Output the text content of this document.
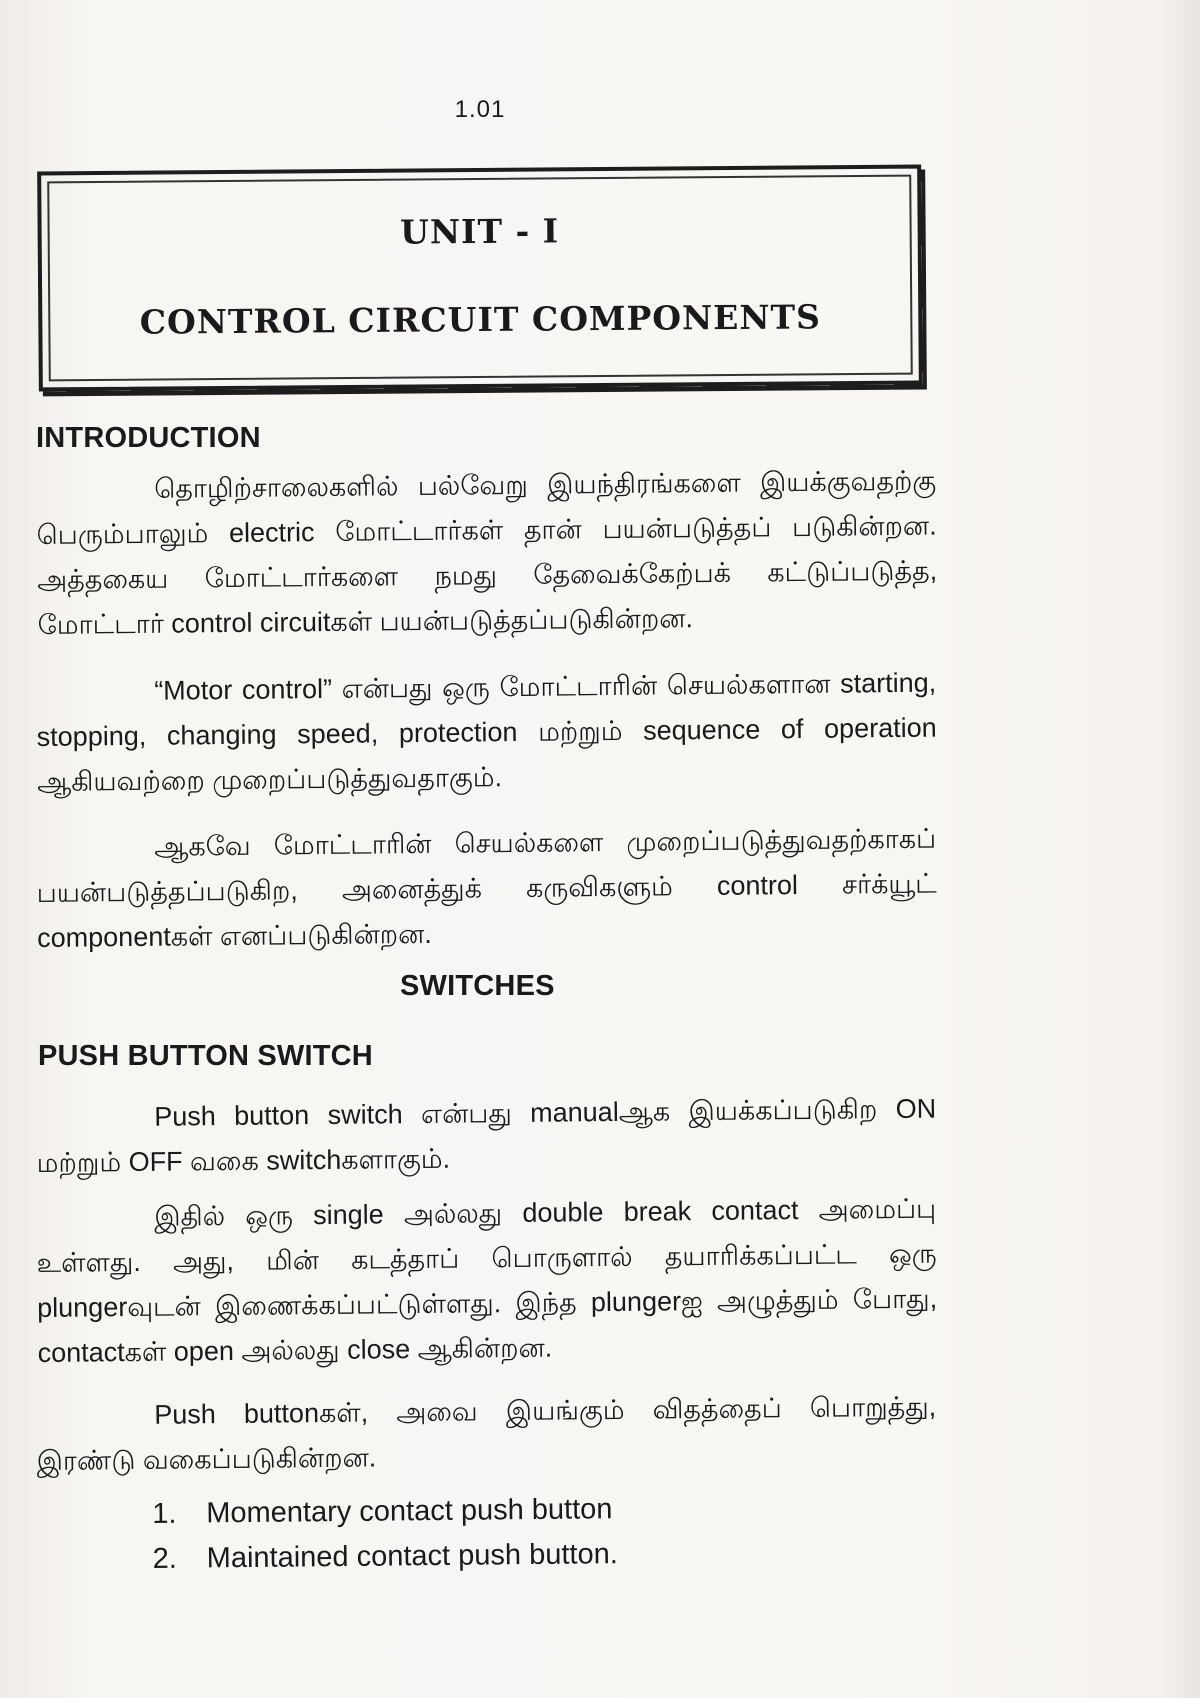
1.01
UNIT - I
CONTROL CIRCUIT COMPONENTS
INTRODUCTION

தொழிற்சாலைகளில் பல்வேறு இயந்திரங்களை இயக்குவதற்கு பெரும்பாலும் electric மோட்டார்கள் தான் பயன்படுத்தப் படுகின்றன. அத்தகைய மோட்டார்களை நமது தேவைக்கேற்பக் கட்டுப்படுத்த, மோட்டார் control circuitகள் பயன்படுத்தப்படுகின்றன.

“Motor control” என்பது ஒரு மோட்டாரின் செயல்களான starting, stopping, changing speed, protection மற்றும் sequence of operation ஆகியவற்றை முறைப்படுத்துவதாகும்.

ஆகவே மோட்டாரின் செயல்களை முறைப்படுத்துவதற்காகப் பயன்படுத்தப்படுகிற, அனைத்துக் கருவிகளும் control சர்க்யூட் componentகள் எனப்படுகின்றன.

SWITCHES
PUSH BUTTON SWITCH

Push button switch என்பது manualஆக இயக்கப்படுகிற ON மற்றும் OFF வகை switchகளாகும்.

இதில் ஒரு single அல்லது double break contact அமைப்பு உள்ளது. அது, மின் கடத்தாப் பொருளால் தயாரிக்கப்பட்ட ஒரு plungerவுடன் இணைக்கப்பட்டுள்ளது. இந்த plungerஐ அழுத்தும் போது, contactகள் open அல்லது close ஆகின்றன.

Push buttonகள், அவை இயங்கும் விதத்தைப் பொறுத்து, இரண்டு வகைப்படுகின்றன.

1.	Momentary contact push button
2.	Maintained contact push button.
